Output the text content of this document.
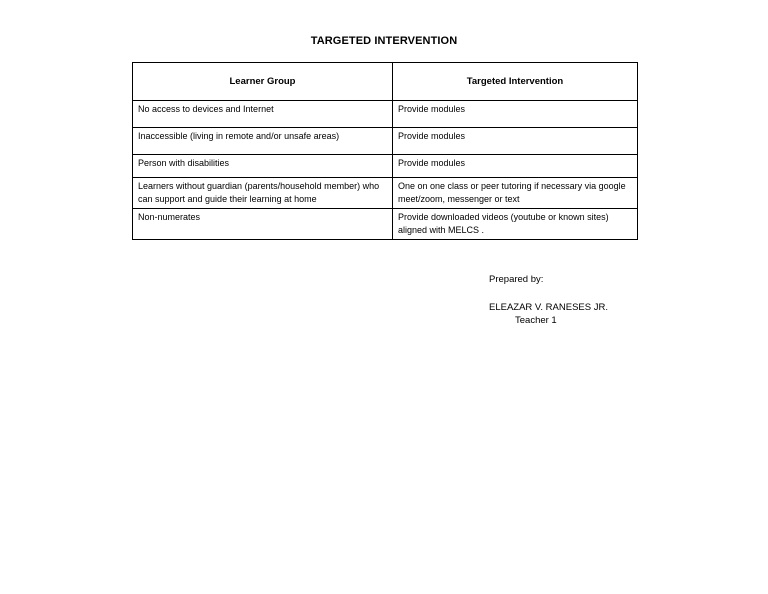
TARGETED INTERVENTION
Learner Group	Targeted Intervention
No access to devices and Internet	Provide modules
Inaccessible (living in remote and/or unsafe areas)	Provide modules
Person with disabilities	Provide modules
Learners without guardian (parents/household member) who can support and guide their learning at home	One on one class or peer tutoring if necessary via google meet/zoom, messenger or text
Non-numerates	Provide downloaded videos (youtube or known sites) aligned with MELCS .
Prepared by:
ELEAZAR V. RANESES JR.
Teacher 1
